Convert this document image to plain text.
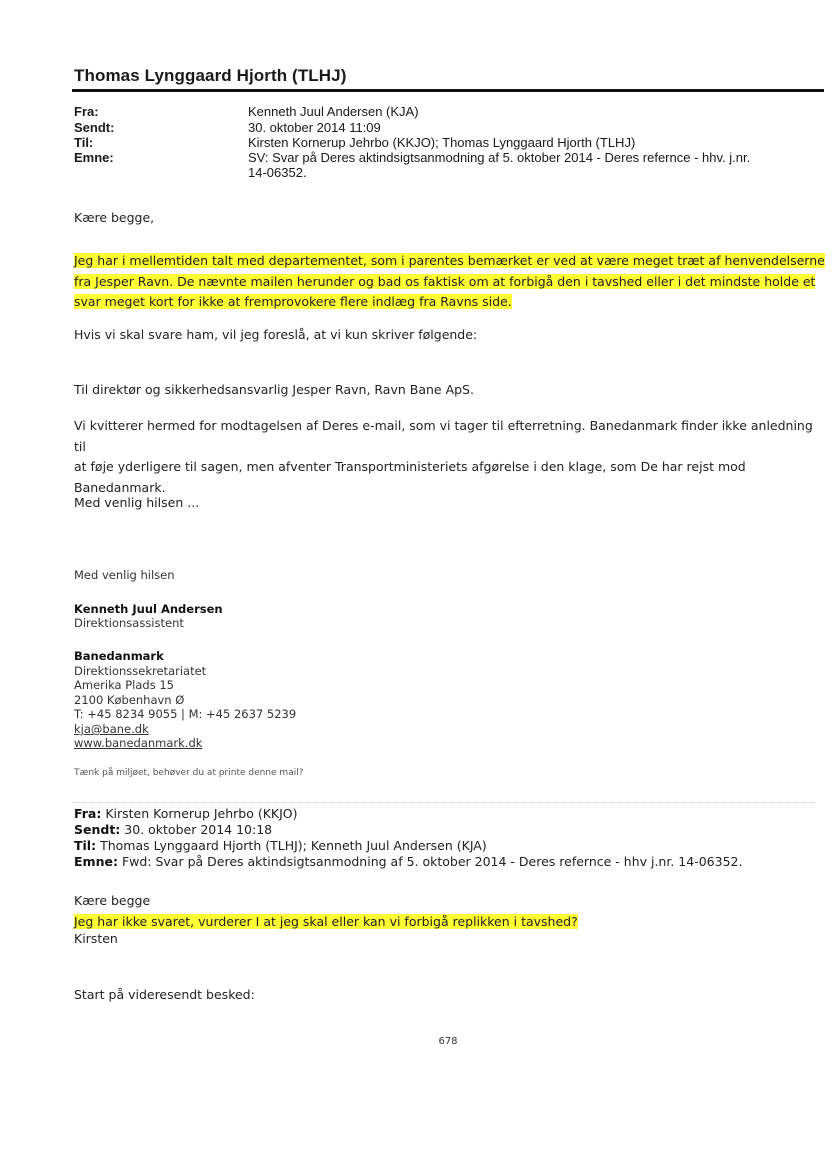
Thomas Lynggaard Hjorth (TLHJ)
Fra:	Kenneth Juul Andersen (KJA)
Sendt:	30. oktober 2014 11:09
Til:	Kirsten Kornerup Jehrbo (KKJO); Thomas Lynggaard Hjorth (TLHJ)
Emne:	SV: Svar på Deres aktindsigtsanmodning af 5. oktober 2014 - Deres refernce - hhv. j.nr.
14-06352.
Kære begge,
Jeg har i mellemtiden talt med departementet, som i parentes bemærket er ved at være meget træt af henvendelserne
fra Jesper Ravn. De nævnte mailen herunder og bad os faktisk om at forbigå den i tavshed eller i det mindste holde et
svar meget kort for ikke at fremprovokere flere indlæg fra Ravns side.
Hvis vi skal svare ham, vil jeg foreslå, at vi kun skriver følgende:
Til direktør og sikkerhedsansvarlig Jesper Ravn, Ravn Bane ApS.
Vi kvitterer hermed for modtagelsen af Deres e-mail, som vi tager til efterretning. Banedanmark finder ikke anledning til
at føje yderligere til sagen, men afventer Transportministeriets afgørelse i den klage, som De har rejst mod
Banedanmark.
Med venlig hilsen ...
Med venlig hilsen
Kenneth Juul Andersen
Direktionsassistent
Banedanmark
Direktionssekretariatet
Amerika Plads 15
2100 København Ø
T: +45 8234 9055 | M: +45 2637 5239
kja@bane.dk
www.banedanmark.dk
Tænk på miljøet, behøver du at printe denne mail?
Fra: Kirsten Kornerup Jehrbo (KKJO)
Sendt: 30. oktober 2014 10:18
Til: Thomas Lynggaard Hjorth (TLHJ); Kenneth Juul Andersen (KJA)
Emne: Fwd: Svar på Deres aktindsigtsanmodning af 5. oktober 2014 - Deres refernce - hhv j.nr. 14-06352.
Kære begge
Jeg har ikke svaret, vurderer I at jeg skal eller kan vi forbigå replikken i tavshed?
Kirsten
Start på videresendt besked:
678
